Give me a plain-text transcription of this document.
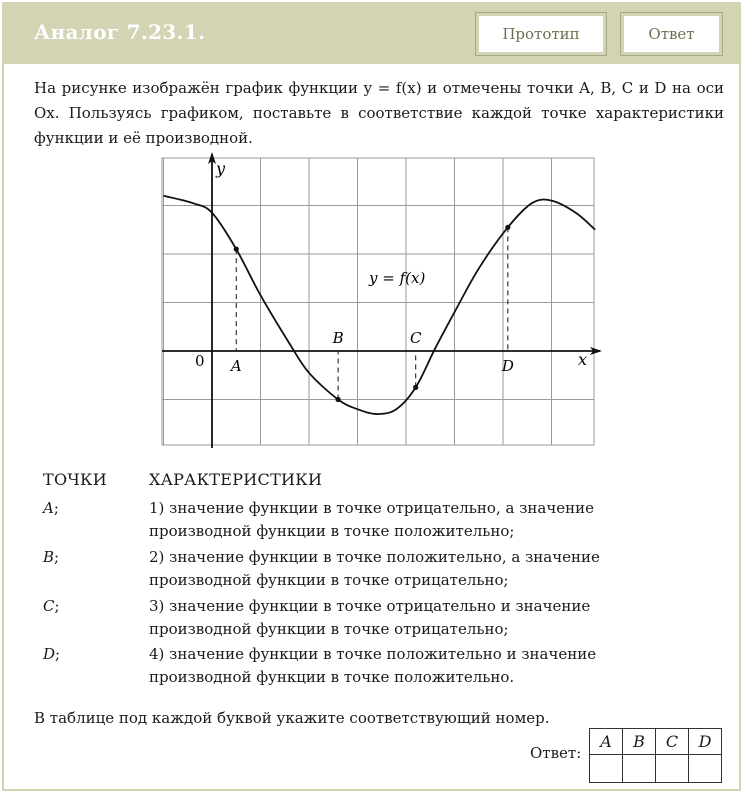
Аналог 7.23.1.	Прототип	Ответ
На рисунке изображён график функции y = f(x) и отмечены точки A, B, C и D на оси Ox. Пользуясь графиком, поставьте в соответствие каждой точке характеристики функции и её производной.
A
B	C
D
y
x
0
y = f(x)
ТОЧКИ	ХАРАКТЕРИСТИКИ
A;	1) значение функции в точке отрицательно, а значение производной функции в точке положительно;
B;	2) значение функции в точке положительно, а значение производной функции в точке отрицательно;
C;	3) значение функции в точке отрицательно и значение производной функции в точке отрицательно;
D;	4) значение функции в точке положительно и значение производной функции в точке положительно.
В таблице под каждой буквой укажите соответствующий номер.
Ответ:
A	B	C	D
